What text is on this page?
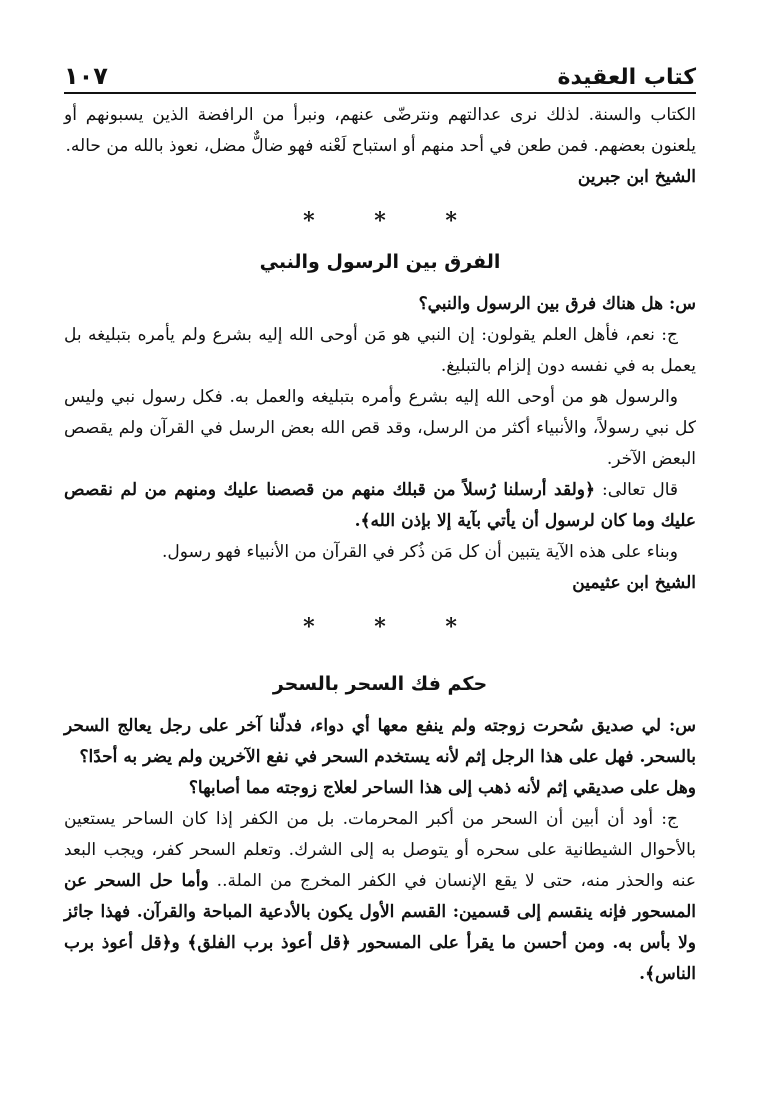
كتاب العقيدة
١٠٧

الكتاب والسنة. لذلك نرى عدالتهم ونترضّى عنهم، ونبرأ من الرافضة الذين يسبونهم أو يلعنون بعضهم. فمن طعن في أحد منهم أو استباح لَعْنه فهو ضالٌّ مضل، نعوذ بالله من حاله.

الشيخ ابن جبرين

* * *
الفرق بين الرسول والنبي

س: هل هناك فرق بين الرسول والنبي؟

ج: نعم، فأهل العلم يقولون: إن النبي هو مَن أوحى الله إليه بشرع ولم يأمره بتبليغه بل يعمل به في نفسه دون إلزام بالتبليغ.

والرسول هو من أوحى الله إليه بشرع وأمره بتبليغه والعمل به. فكل رسول نبي وليس كل نبي رسولاً، والأنبياء أكثر من الرسل، وقد قص الله بعض الرسل في القرآن ولم يقصص البعض الآخر.

قال تعالى: ﴿ولقد أرسلنا رُسلاً من قبلك منهم من قصصنا عليك ومنهم من لم نقصص عليك وما كان لرسول أن يأتي بآية إلا بإذن الله﴾.

وبناء على هذه الآية يتبين أن كل مَن ذُكر في القرآن من الأنبياء فهو رسول.

الشيخ ابن عثيمين

* * *
حكم فك السحر بالسحر

س: لي صديق سُحرت زوجته ولم ينفع معها أي دواء، فدلّنا آخر على رجل يعالج السحر بالسحر. فهل على هذا الرجل إثم لأنه يستخدم السحر في نفع الآخرين ولم يضر به أحدًا؟

وهل على صديقي إثم لأنه ذهب إلى هذا الساحر لعلاج زوجته مما أصابها؟

ج: أود أن أبين أن السحر من أكبر المحرمات. بل من الكفر إذا كان الساحر يستعين بالأحوال الشيطانية على سحره أو يتوصل به إلى الشرك. وتعلم السحر كفر، ويجب البعد عنه والحذر منه، حتى لا يقع الإنسان في الكفر المخرج من الملة.. وأما حل السحر عن المسحور فإنه ينقسم إلى قسمين: القسم الأول يكون بالأدعية المباحة والقرآن. فهذا جائز ولا بأس به. ومن أحسن ما يقرأ على المسحور ﴿قل أعوذ برب الفلق﴾ و﴿قل أعوذ برب الناس﴾.
